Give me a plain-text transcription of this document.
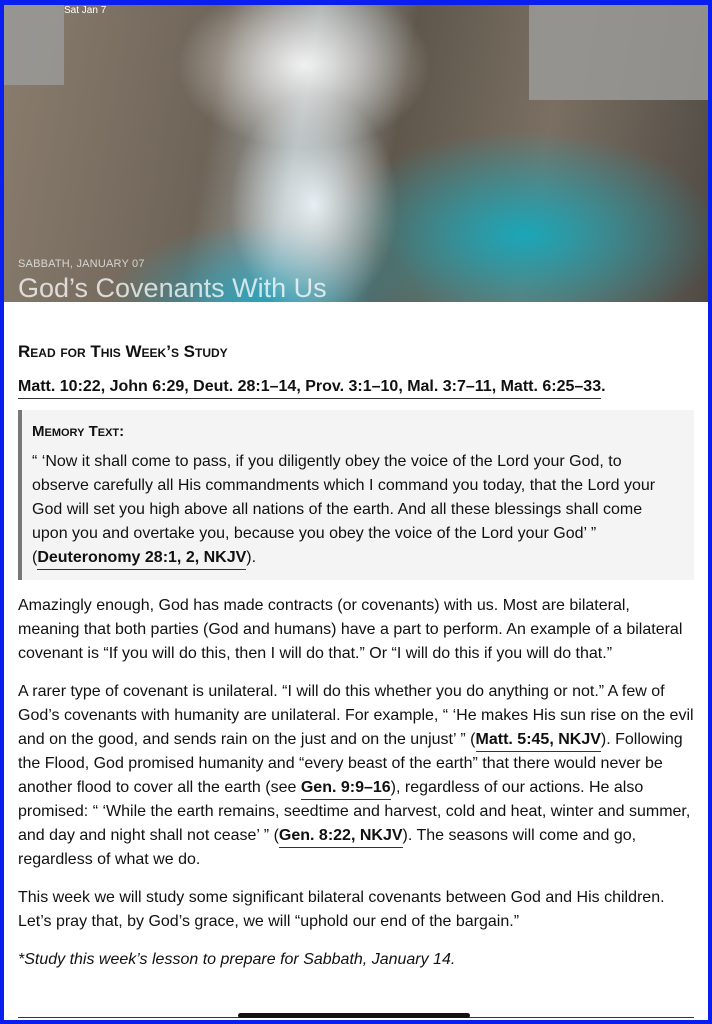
Sat Jan 7
SABBATH, JANUARY 07
God’s Covenants With Us
Read for This Week’s Study
Matt. 10:22, John 6:29, Deut. 28:1–14, Prov. 3:1–10, Mal. 3:7–11, Matt. 6:25–33.
Memory Text:
“ ‘Now it shall come to pass, if you diligently obey the voice of the Lord your God, to observe carefully all His commandments which I command you today, that the Lord your God will set you high above all nations of the earth. And all these blessings shall come upon you and overtake you, because you obey the voice of the Lord your God’ ” (Deuteronomy 28:1, 2, NKJV).

Amazingly enough, God has made contracts (or covenants) with us. Most are bilateral, meaning that both parties (God and humans) have a part to perform. An example of a bilateral covenant is “If you will do this, then I will do that.” Or “I will do this if you will do that.”

A rarer type of covenant is unilateral. “I will do this whether you do anything or not.” A few of God’s covenants with humanity are unilateral. For example, “ ‘He makes His sun rise on the evil and on the good, and sends rain on the just and on the unjust’ ” (Matt. 5:45, NKJV). Following the Flood, God promised humanity and “every beast of the earth” that there would never be another flood to cover all the earth (see Gen. 9:9–16), regardless of our actions. He also promised: “ ‘While the earth remains, seedtime and harvest, cold and heat, winter and summer, and day and night shall not cease’ ” (Gen. 8:22, NKJV). The seasons will come and go, regardless of what we do.

This week we will study some significant bilateral covenants between God and His children. Let’s pray that, by God’s grace, we will “uphold our end of the bargain.”

*Study this week’s lesson to prepare for Sabbath, January 14.
